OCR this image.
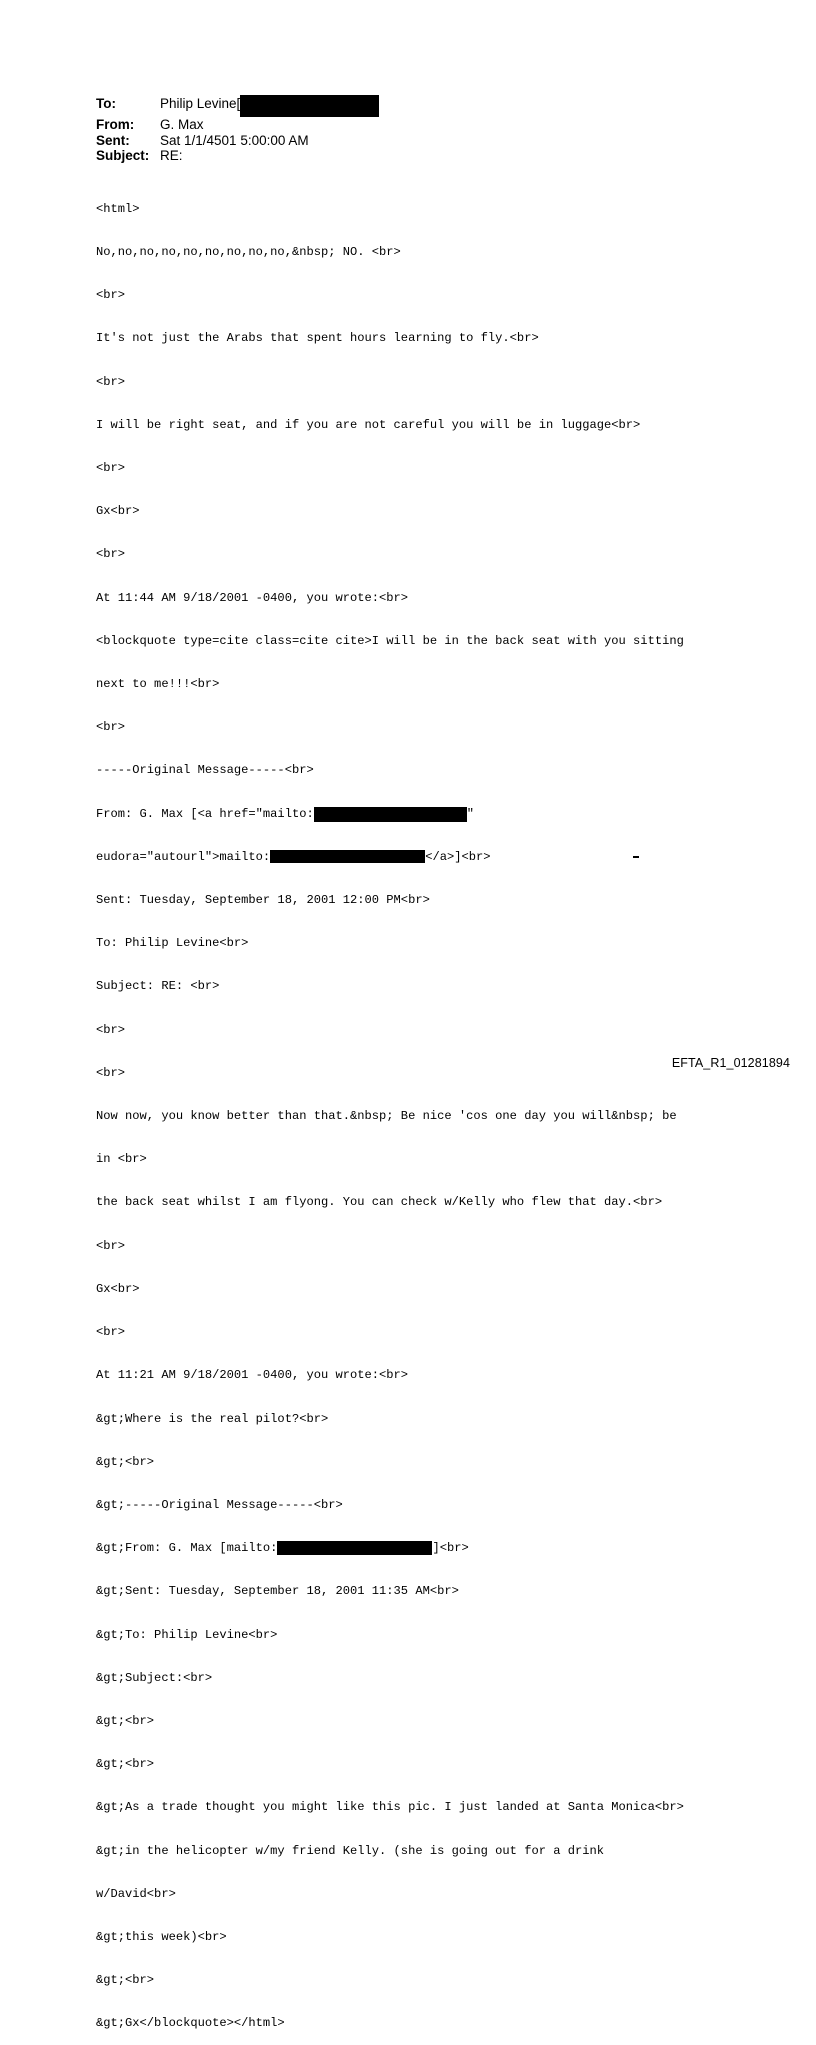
To:	Philip Levine[
From:	G. Max
Sent:	Sat 1/1/4501 5:00:00 AM
Subject: RE:

<html>

No,no,no,no,no,no,no,no,no,&nbsp; NO. <br>

<br>

It's not just the Arabs that spent hours learning to fly.<br>

<br>

I will be right seat, and if you are not careful you will be in luggage<br>

<br>

Gx<br>

<br>

At 11:44 AM 9/18/2001 -0400, you wrote:<br>

<blockquote type=cite class=cite cite>I will be in the back seat with you sitting

next to me!!!<br>

<br>

-----Original Message-----<br>

From: G. Max [<a href="mailto:	"

eudora="autourl">mailto:	</a>]<br>

Sent: Tuesday, September 18, 2001 12:00 PM<br>

To: Philip Levine<br>

Subject: RE: <br>

<br>

<br>

Now now, you know better than that.&nbsp; Be nice 'cos one day you will&nbsp; be

in <br>

the back seat whilst I am flyong. You can check w/Kelly who flew that day.<br>

<br>

Gx<br>

<br>

At 11:21 AM 9/18/2001 -0400, you wrote:<br>

&gt;Where is the real pilot?<br>

&gt;<br>

&gt;-----Original Message-----<br>

&gt;From: G. Max [mailto:	]<br>

&gt;Sent: Tuesday, September 18, 2001 11:35 AM<br>

&gt;To: Philip Levine<br>

&gt;Subject:<br>

&gt;<br>

&gt;<br>

&gt;As a trade thought you might like this pic. I just landed at Santa Monica<br>

&gt;in the helicopter w/my friend Kelly. (she is going out for a drink

w/David<br>

&gt;this week)<br>

&gt;<br>

&gt;Gx</blockquote></html>

EFTA_R1_01281894
